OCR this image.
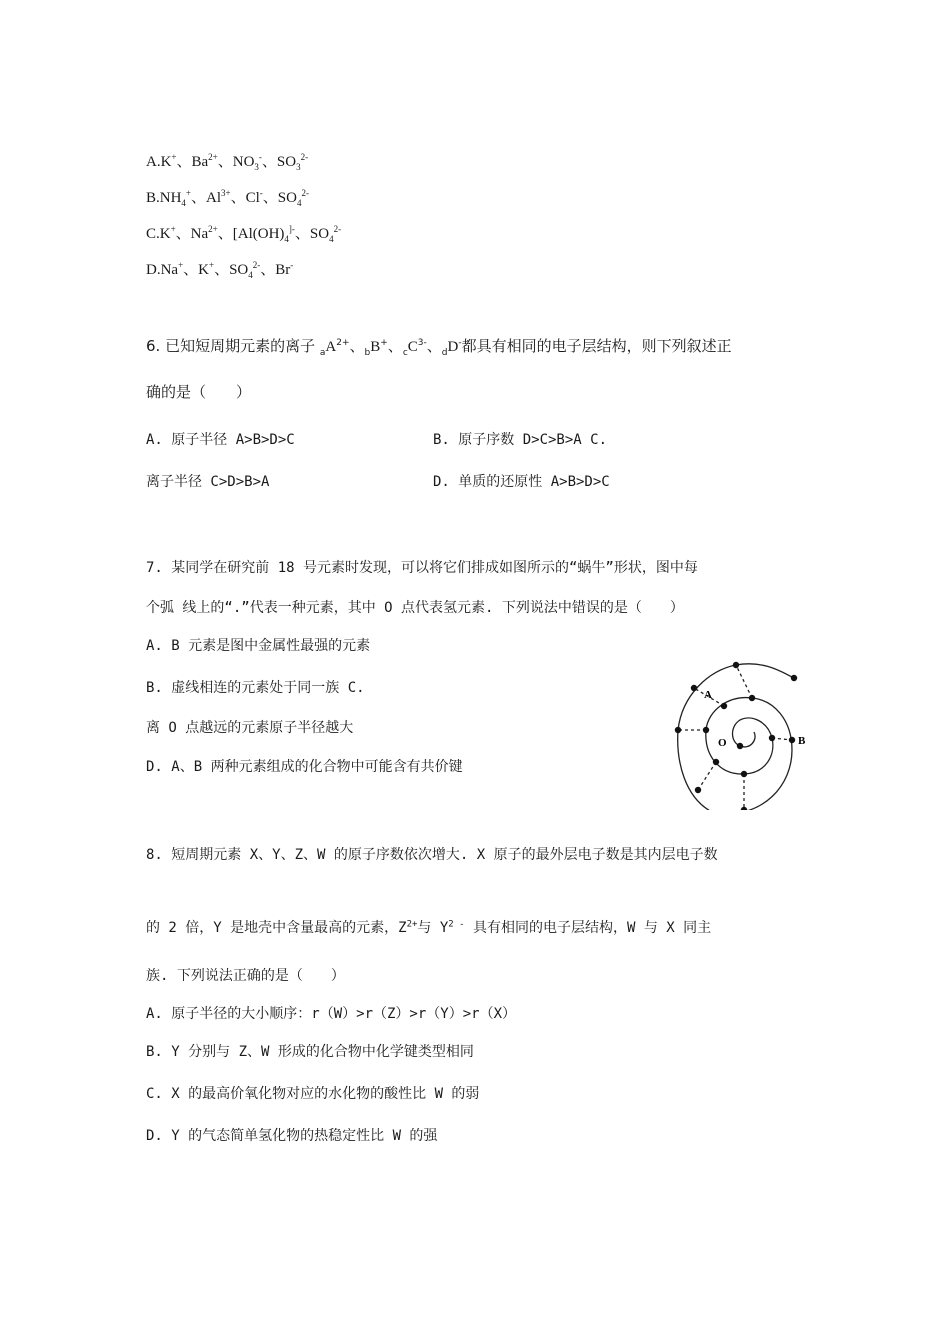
A.K+、$Ba^{2+}$、$NO_3^-$、$SO_3^{2-}$
$B.NH_4^+$、$Al^{3+}$、Cl-、$SO_4^{2-}$
C.K+、$Na^{2+}$、[$Al(OH)_4^{]-}$、$SO_4^{2-}$
D.Na+、K+、$SO_4^{2-}$、Br-
6. 已知短周期元素的离子 $_aA^{2+}$、$_b$B+、$_cC^{3-}$、$_d$D-都具有相同的电子层结构，则下列叙述正
确的是（　　）
A. 原子半径 A>B>D>C	B. 原子序数 D>C>B>A C.
离子半径 C>D>B>A	D. 单质的还原性 A>B>D>C
7. 某同学在研究前 18 号元素时发现，可以将它们排成如图所示的“蜗牛”形状，图中每
个弧 线上的“.”代表一种元素，其中 O 点代表氢元素. 下列说法中错误的是（　　）
A. B 元素是图中金属性最强的元素
B. 虚线相连的元素处于同一族 C.
离 O 点越远的元素原子半径越大
D. A、B 两种元素组成的化合物中可能含有共价键
A
O	B
8. 短周期元素 X、Y、Z、W 的原子序数依次增大. X 原子的最外层电子数是其内层电子数
的 2 倍，Y 是地壳中含量最高的元素，$Z^{2+}$与 $Y^{2 -}$ 具有相同的电子层结构，W 与 X 同主
族. 下列说法正确的是（　　）
A. 原子半径的大小顺序：r（W）>r（Z）>r（Y）>r（X）
B. Y 分别与 Z、W 形成的化合物中化学键类型相同
C. X 的最高价氧化物对应的水化物的酸性比 W 的弱
D. Y 的气态简单氢化物的热稳定性比 W 的强
